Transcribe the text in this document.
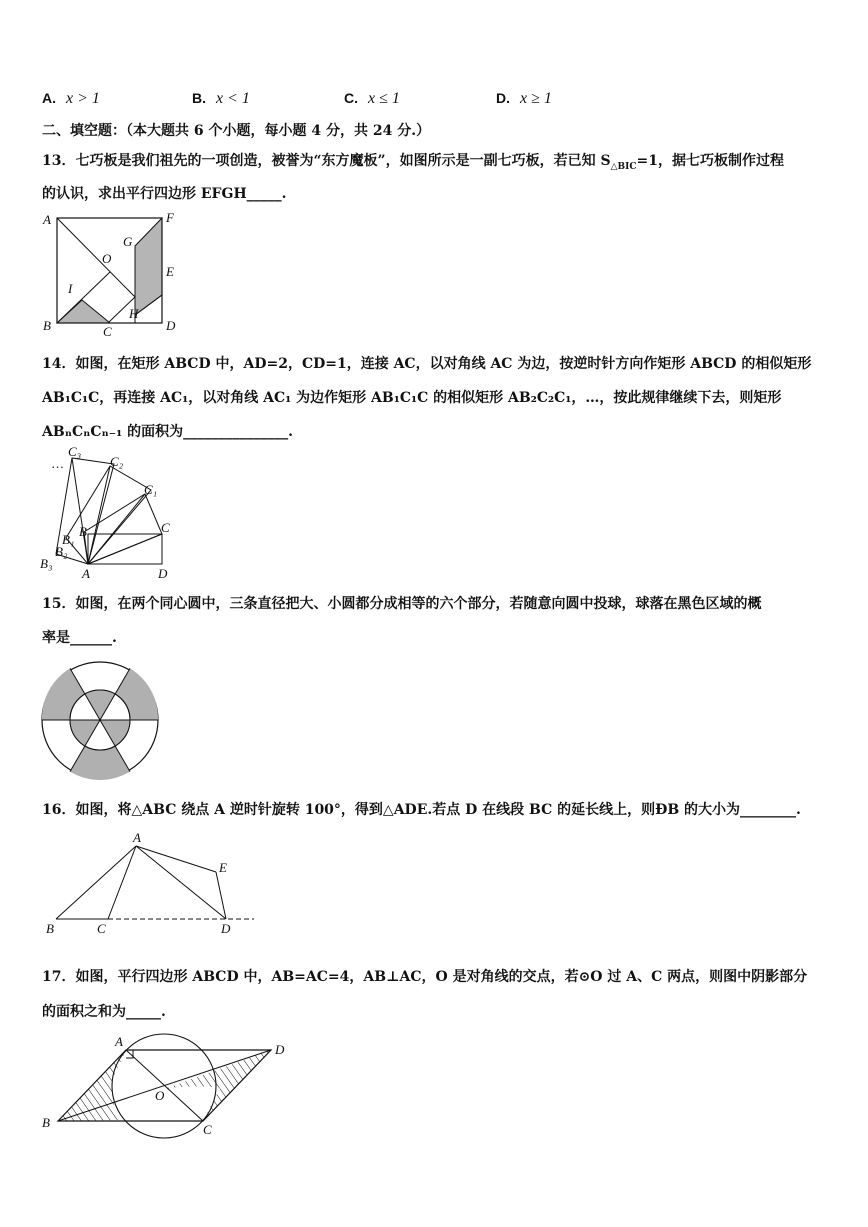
A. x > 1	B. x < 1	C. x ≤ 1	D. x ≥ 1
二、填空题：（本大题共 6 个小题，每小题 4 分，共 24 分.）
13．七巧板是我们祖先的一项创造，被誉为“东方魔板”，如图所示是一副七巧板，若已知 $S_{\triangle BIC}=1$，据七巧板制作过程
的认识，求出平行四边形 EFGH_____.
A	F
G
O
E
I
B
H
C	D
14．如图，在矩形 ABCD 中，AD=2，CD=1，连接 AC，以对角线 AC 为边，按逆时针方向作矩形 ABCD 的相似矩形
AB₁C₁C，再连接 AC₁，以对角线 AC₁ 为边作矩形 AB₁C₁C 的相似矩形 AB₂C₂C₁，…，按此规律继续下去，则矩形
ABₙCₙCₙ₋₁ 的面积为_______________.
…
C₃
C₂
C₁
C
B
B₁
B₂
B₃
A	D
15．如图，在两个同心圆中，三条直径把大、小圆都分成相等的六个部分，若随意向圆中投球，球落在黑色区域的概
率是______.
16．如图，将△ABC 绕点 A 逆时针旋转 100°，得到△ADE.若点 D 在线段 BC 的延长线上，则ÐB 的大小为________.
A
E
B	C	D
17．如图，平行四边形 ABCD 中，AB=AC=4，AB⊥AC，O 是对角线的交点，若⊙O 过 A、C 两点，则图中阴影部分
的面积之和为_____.
A
D
O
B	C
